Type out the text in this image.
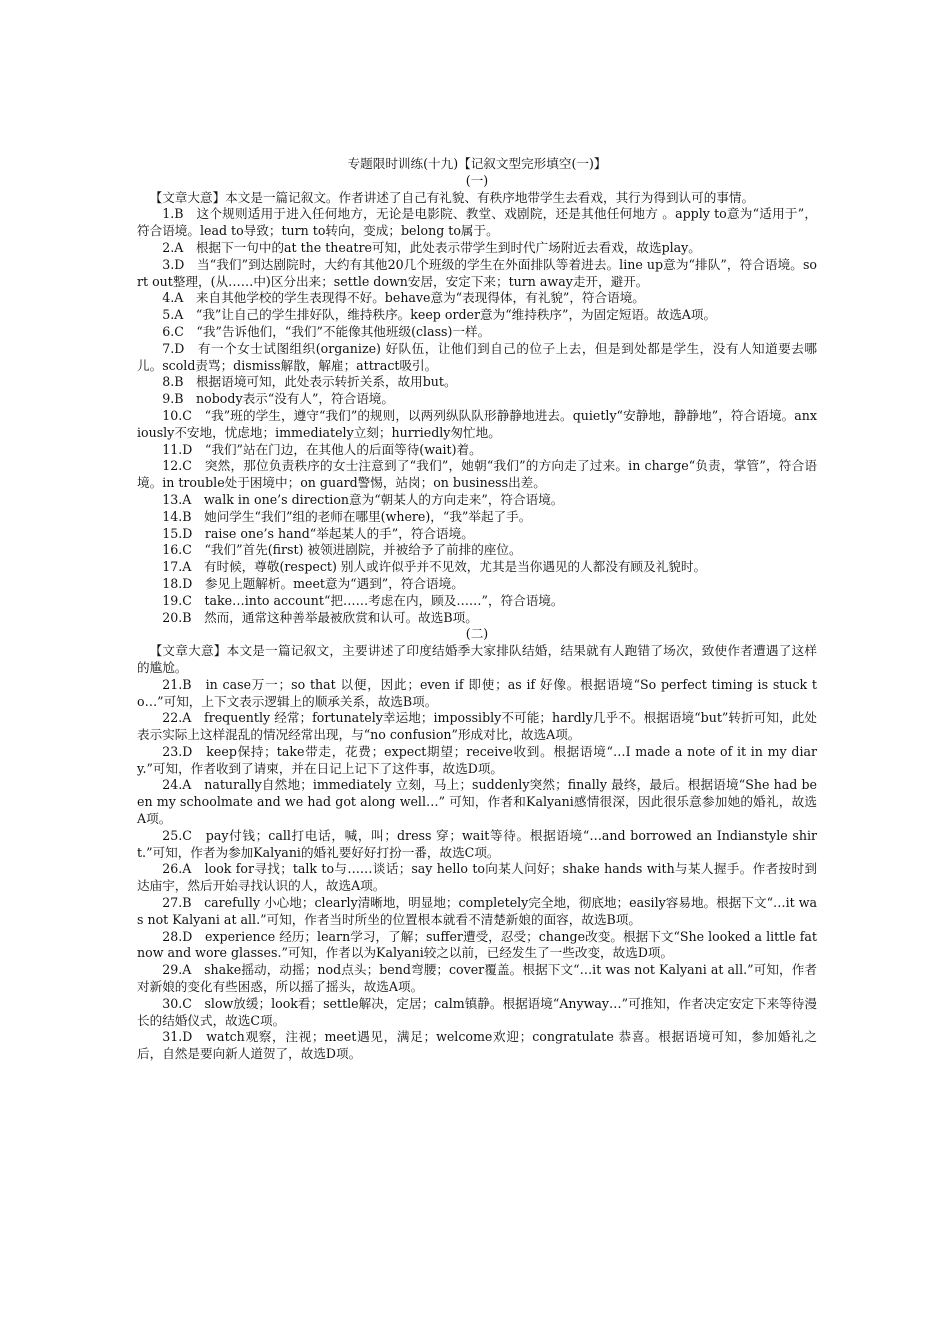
专题限时训练(十九)【记叙文型完形填空(一)】
(一)

【文章大意】本文是一篇记叙文。作者讲述了自己有礼貌、有秩序地带学生去看戏，其行为得到认可的事情。

1.B　这个规则适用于进入任何地方，无论是电影院、教堂、戏剧院，还是其他任何地方 。apply to意为“适用于”，符合语境。lead to导致；turn to转向，变成；belong to属于。

2.A　根据下一句中的at the theatre可知，此处表示带学生到时代广场附近去看戏，故选play。

3.D　当“我们”到达剧院时，大约有其他20几个班级的学生在外面排队等着进去。line up意为“排队”，符合语境。sort out整理，(从……中)区分出来；settle down安居，安定下来；turn away走开，避开。

4.A　来自其他学校的学生表现得不好。behave意为“表现得体，有礼貌”，符合语境。

5.A　“我”让自己的学生排好队，维持秩序。keep order意为“维持秩序”，为固定短语。故选A项。

6.C　“我”告诉他们，“我们”不能像其他班级(class)一样。

7.D　有一个女士试图组织(organize) 好队伍，让他们到自己的位子上去，但是到处都是学生，没有人知道要去哪儿。scold责骂；dismiss解散，解雇；attract吸引。

8.B　根据语境可知，此处表示转折关系，故用but。

9.B　nobody表示“没有人”，符合语境。

10.C　“我”班的学生，遵守“我们”的规则，以两列纵队队形静静地进去。quietly“安静地，静静地”，符合语境。anxiously不安地，忧虑地；immediately立刻；hurriedly匆忙地。

11.D　“我们”站在门边，在其他人的后面等待(wait)着。

12.C　突然，那位负责秩序的女士注意到了“我们”，她朝“我们”的方向走了过来。in charge“负责，掌管”，符合语境。in trouble处于困境中；on guard警惕，站岗；on business出差。

13.A　walk in one’s direction意为“朝某人的方向走来”，符合语境。

14.B　她问学生“我们”组的老师在哪里(where)，“我”举起了手。

15.D　raise one’s hand“举起某人的手”，符合语境。

16.C　“我们”首先(first) 被领进剧院，并被给予了前排的座位。

17.A　有时候，尊敬(respect) 别人或许似乎并不见效，尤其是当你遇见的人都没有顾及礼貌时。

18.D　参见上题解析。meet意为“遇到”，符合语境。

19.C　take…into account“把……考虑在内，顾及……”，符合语境。

20.B　然而，通常这种善举最被欣赏和认可。故选B项。

(二)

【文章大意】本文是一篇记叙文，主要讲述了印度结婚季大家排队结婚，结果就有人跑错了场次，致使作者遭遇了这样的尴尬。

21.B　in case万一；so that 以便，因此；even if 即使；as if 好像。根据语境“So perfect timing is stuck to…”可知，上下文表示逻辑上的顺承关系，故选B项。

22.A　frequently 经常；fortunately幸运地；impossibly不可能；hardly几乎不。根据语境“but”转折可知，此处表示实际上这样混乱的情况经常出现，与“no confusion”形成对比，故选A项。

23.D　keep保持；take带走，花费；expect期望；receive收到。根据语境“…I made a note of it in my diary.”可知，作者收到了请柬，并在日记上记下了这件事，故选D项。

24.A　naturally自然地；immediately 立刻，马上；suddenly突然；finally 最终，最后。根据语境“She had been my schoolmate and we had got along well…” 可知，作者和Kalyani感情很深，因此很乐意参加她的婚礼，故选A项。

25.C　pay付钱；call打电话，喊，叫；dress 穿；wait等待。根据语境“…and borrowed an Indianstyle shirt.”可知，作者为参加Kalyani的婚礼要好好打扮一番，故选C项。

26.A　look for寻找；talk to与……谈话；say hello to向某人问好；shake hands with与某人握手。作者按时到达庙宇，然后开始寻找认识的人，故选A项。

27.B　carefully 小心地；clearly清晰地，明显地；completely完全地，彻底地；easily容易地。根据下文“…it was not Kalyani at all.”可知，作者当时所坐的位置根本就看不清楚新娘的面容，故选B项。

28.D　experience 经历；learn学习，了解；suffer遭受，忍受；change改变。根据下文“She looked a little fat now and wore glasses.”可知，作者以为Kalyani较之以前，已经发生了一些改变，故选D项。

29.A　shake摇动，动摇；nod点头；bend弯腰；cover覆盖。根据下文“…it was not Kalyani at all.”可知，作者对新娘的变化有些困惑，所以摇了摇头，故选A项。

30.C　slow放缓；look看；settle解决，定居；calm镇静。根据语境“Anyway…”可推知，作者决定安定下来等待漫长的结婚仪式，故选C项。

31.D　watch观察，注视；meet遇见，满足；welcome欢迎；congratulate 恭喜。根据语境可知，参加婚礼之后，自然是要向新人道贺了，故选D项。
